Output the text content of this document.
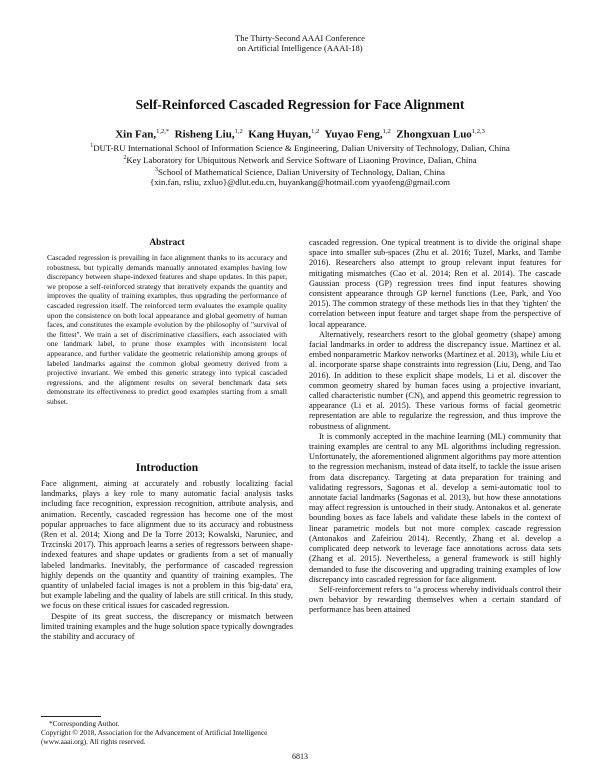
The Thirty-Second AAAI Conference
on Artificial Intelligence (AAAI-18)
Self-Reinforced Cascaded Regression for Face Alignment
Xin Fan,$^{1,2,*}$ Risheng Liu,$^{1,2}$ Kang Huyan,$^{1,2}$ Yuyao Feng,$^{1,2}$ Zhongxuan Luo$^{1,2,3}$
$^1$DUT-RU International School of Information Science & Engineering, Dalian University of Technology, Dalian, China
$^2$Key Laboratory for Ubiquitous Network and Service Software of Liaoning Province, Dalian, China
$^3$School of Mathematical Science, Dalian University of Technology, Dalian, China
{xin.fan, rsliu, zxluo}@dlut.edu.cn, huyankang@hotmail.com yyaofeng@gmail.com
Abstract
Cascaded regression is prevailing in face alignment thanks to its accuracy and robustness, but typically demands manually annotated examples having low discrepancy between shape-indexed features and shape updates. In this paper, we propose a self-reinforced strategy that iteratively expands the quantity and improves the quality of training examples, thus upgrading the performance of cascaded regression itself. The reinforced term evaluates the example quality upon the consistence on both local appearance and global geometry of human faces, and constitutes the example evolution by the philosophy of "survival of the fittest". We train a set of discriminative classifiers, each associated with one landmark label, to prune those examples with inconsistent local appearance, and further validate the geometric relationship among groups of labeled landmarks against the common global geometry derived from a projective invariant. We embed this generic strategy into typical cascaded regressions, and the alignment results on several benchmark data sets demonstrate its effectiveness to predict good examples starting from a small subset.
Introduction

Face alignment, aiming at accurately and robustly localizing facial landmarks, plays a key role to many automatic facial analysis tasks including face recognition, expression recognition, attribute analysis, and animation. Recently, cascaded regression has become one of the most popular approaches to face alignment due to its accuracy and robustness (Ren et al. 2014; Xiong and De la Torre 2013; Kowalski, Naruniec, and Trzcinski 2017). This approach learns a series of regressors between shape-indexed features and shape updates or gradients from a set of manually labeled landmarks. Inevitably, the performance of cascaded regression highly depends on the quantity and quantity of training examples. The quantity of unlabeled facial images is not a problem in this 'big-data' era, but example labeling and the quality of labels are still critical. In this study, we focus on these critical issues for cascaded regression.

Despite of its great success, the discrepancy or mismatch between limited training examples and the huge solution space typically downgrades the stability and accuracy of

*Corresponding Author.
Copyright © 2018, Association for the Advancement of Artificial Intelligence (www.aaai.org). All rights reserved.

cascaded regression. One typical treatment is to divide the original shape space into smaller sub-spaces (Zhu et al. 2016; Tuzel, Marks, and Tambe 2016). Researchers also attempt to group relevant input features for mitigating mismatches (Cao et al. 2014; Ren et al. 2014). The cascade Gaussian process (GP) regression trees find input features showing consistent appearance through GP kernel functions (Lee, Park, and Yoo 2015). The common strategy of these methods lies in that they 'tighten' the correlation between input feature and target shape from the perspective of local appearance.

Alternatively, researchers resort to the global geometry (shape) among facial landmarks in order to address the discrepancy issue. Martinez et al. embed nonparametric Markov networks (Martinez et al. 2013), while Liu et al. incorporate sparse shape constraints into regression (Liu, Deng, and Tao 2016). In addition to these explicit shape models, Li et al. discover the common geometry shared by human faces using a projective invariant, called characteristic number (CN), and append this geometric regression to appearance (Li et al. 2015). These various forms of facial geometric representation are able to regularize the regression, and thus improve the robustness of alignment.

It is commonly accepted in the machine learning (ML) community that training examples are central to any ML algorithms including regression. Unfortunately, the aforementioned alignment algorithms pay more attention to the regression mechanism, instead of data itself, to tackle the issue arisen from data discrepancy. Targeting at data preparation for training and validating regressors, Sagonas et al. develop a semi-automatic tool to annotate facial landmarks (Sagonas et al. 2013), but how these annotations may affect regression is untouched in their study. Antonakos et al. generate bounding boxes as face labels and validate these labels in the context of linear parametric models but not more complex cascade regression (Antonakos and Zafeiriou 2014). Recently, Zhang et al. develop a complicated deep network to leverage face annotations across data sets (Zhang et al. 2015). Nevertheless, a general framework is still highly demanded to fuse the discovering and upgrading training examples of low discrepancy into cascaded regression for face alignment.

Self-reinforcement refers to "a process whereby individuals control their own behavior by rewarding themselves when a certain standard of performance has been attained

6813
